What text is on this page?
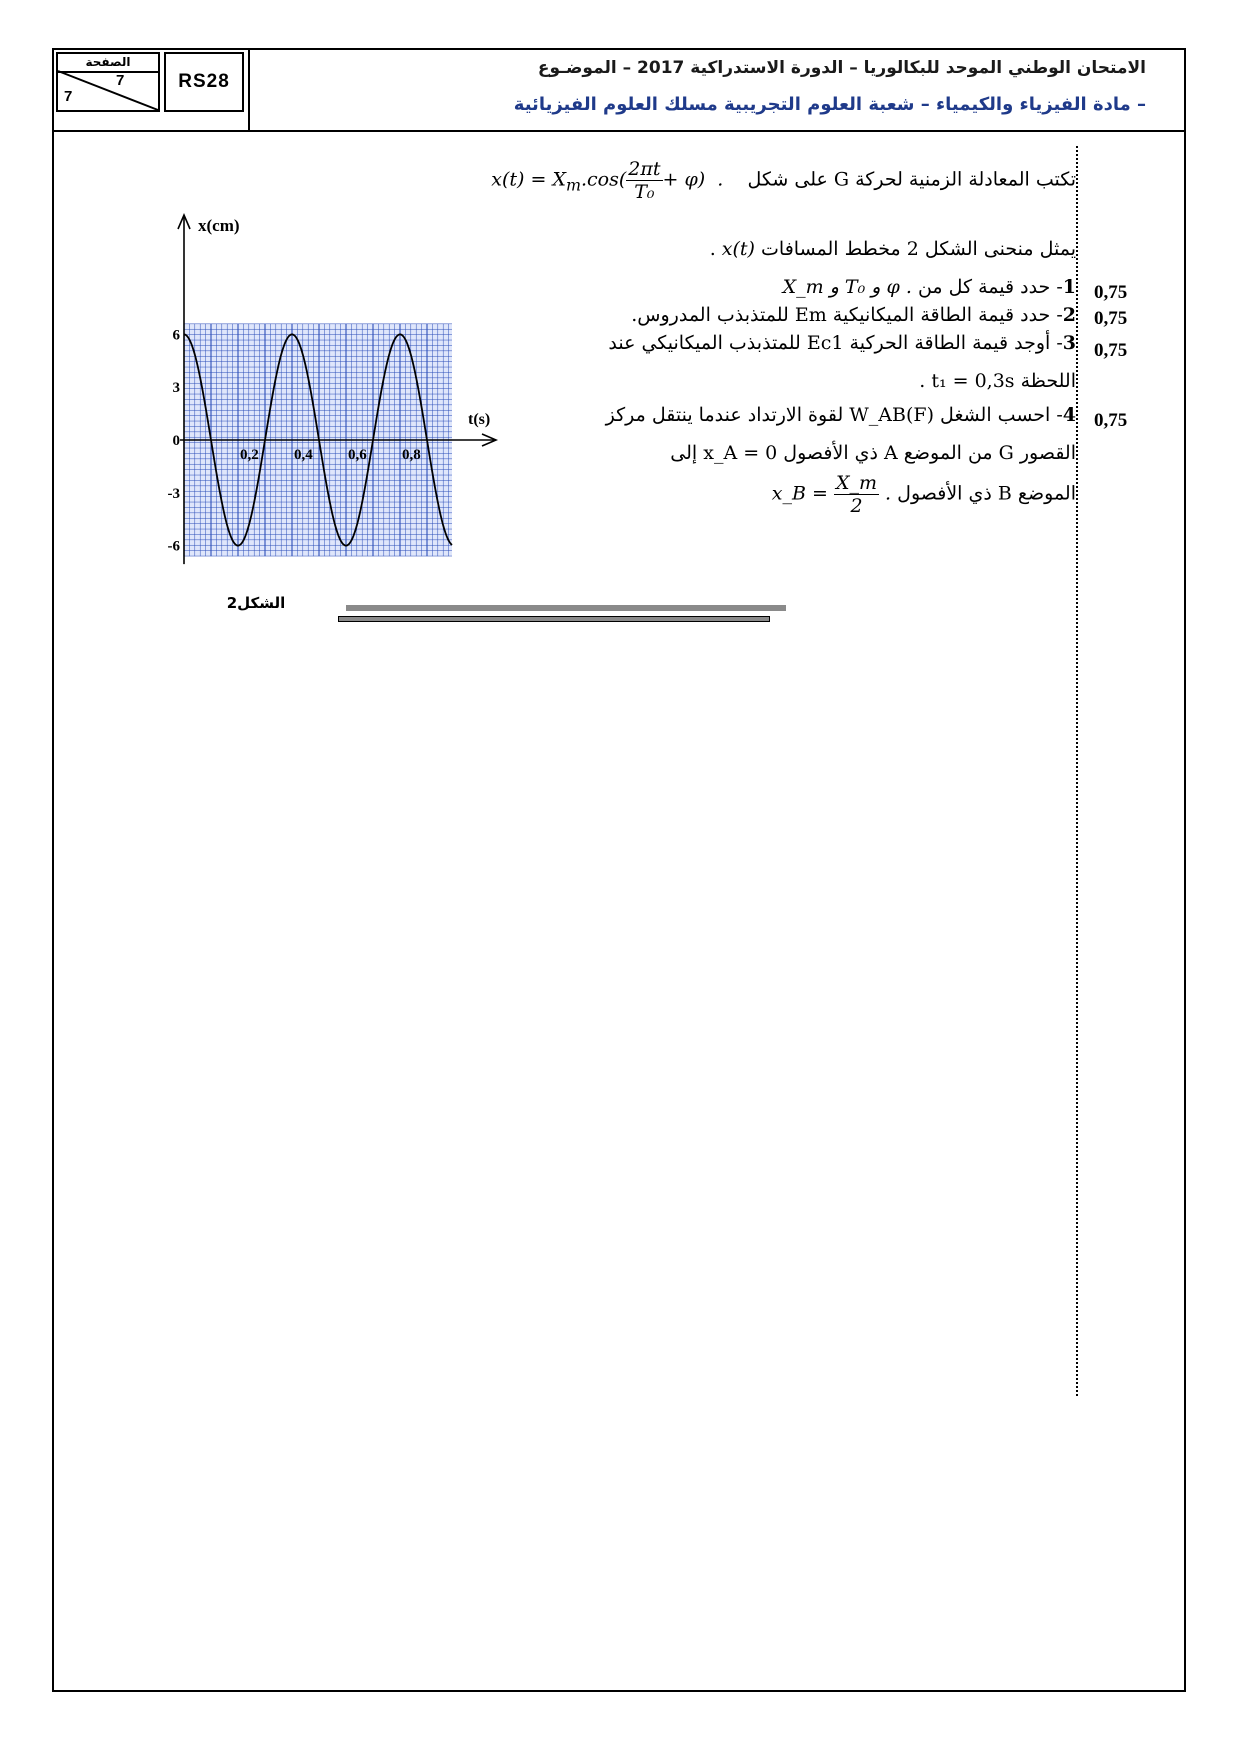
الصفحة
7
7
RS28
الامتحان الوطني الموحد للبكالوريا – الدورة الاستدراكية 2017 – الموضـوع
– مادة الفيزياء والكيمياء – شعبة العلوم التجريبية مسلك العلوم الفيزيائية
تكتب المعادلة الزمنية لحركة G على شكل    $x(t) = X_m.\cos( \frac{2\pi t}{\text{T₀}} + \varphi)$ .
يمثل منحنى الشكل 2 مخطط المسافات x(t) .
0,75
1- حدد قيمة كل من X_m و T₀ و φ .
0,75
2- حدد قيمة الطاقة الميكانيكية Em للمتذبذب المدروس.
0,75
3- أوجد قيمة الطاقة الحركية Ec1 للمتذبذب الميكانيكي عند
اللحظة t₁ = 0,3s .
0,75
4- احسب الشغل W_AB(F) لقوة الارتداد عندما ينتقل مركز
القصور G من الموضع A ذي الأفصول x_A = 0 إلى
الموضع B ذي الأفصول x_B = $\frac{X\_m}{2}$ .
x(cm)
t(s)
6
3
0
-3
-6
0,2 0,4 0,6 0,8
الشكل2
